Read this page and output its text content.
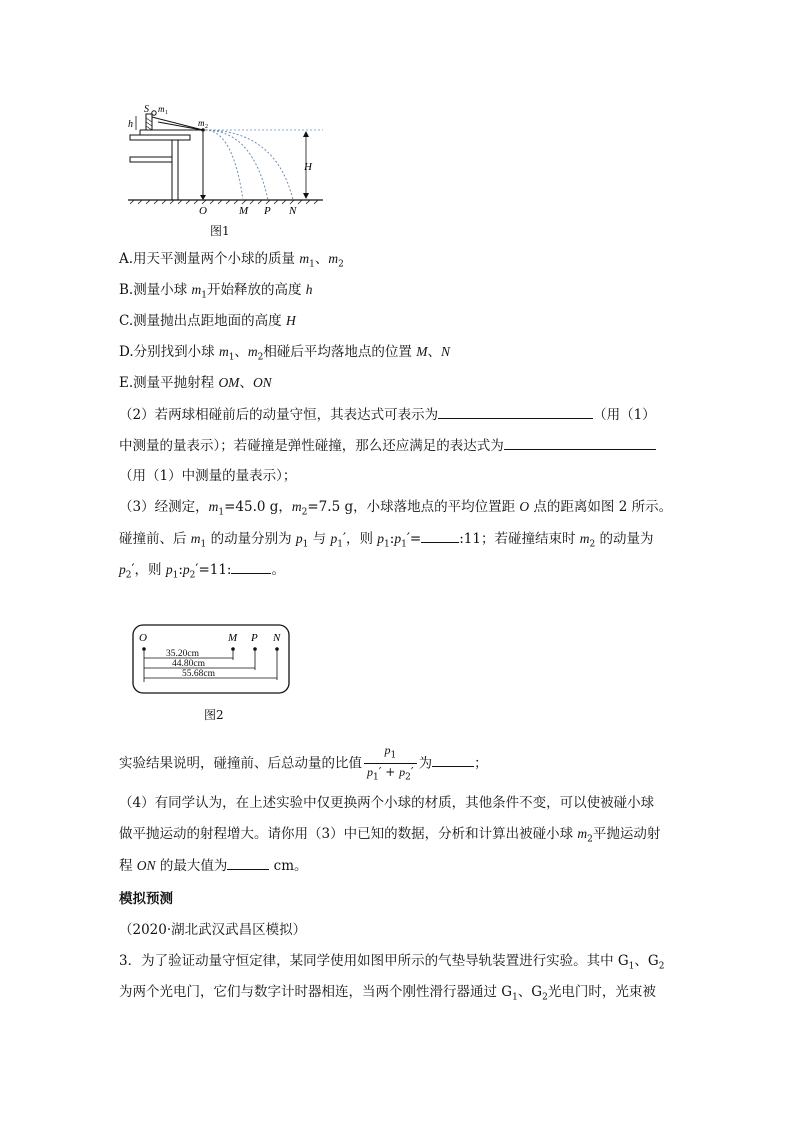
S m 1
h	m 2
H
O	M P N
图1
A.用天平测量两个小球的质量 $m_1$、$m_2$
B.测量小球 $m_1$开始释放的高度 h
C.测量抛出点距地面的高度 H
D.分别找到小球 $m_1$、$m_2$相碰后平均落地点的位置 M、N
E.测量平抛射程 OM、ON
（2）若两球相碰前后的动量守恒，其表达式可表示为	（用（1）
中测量的量表示）；若碰撞是弹性碰撞，那么还应满足的表达式为
（用（1）中测量的量表示）；
（3）经测定，$m_1=45.0$ g，$m_2=7.5$ g，小球落地点的平均位置距 O 点的距离如图 2 所示。
碰撞前、后 $m_1$ 的动量分别为 $p_1$ 与 $p_1'$，则 $p_1:p_1'=$	:11；若碰撞结束时 $m_2$ 的动量为
$p_2'$，则 $p_1:p_2'=11$:	。
O	M P N
35.20cm
44.80cm
55.68cm
图2
实验结果说明，碰撞前、后总动量的比值 $\frac{p_1}{p_1' + p_2'}$ 为	；
（4）有同学认为，在上述实验中仅更换两个小球的材质，其他条件不变，可以使被碰小球
做平抛运动的射程增大。请你用（3）中已知的数据，分析和计算出被碰小球 $m_2$平抛运动射
程 ON 的最大值为	cm。
模拟预测
（2020·湖北武汉武昌区模拟）
3．为了验证动量守恒定律，某同学使用如图甲所示的气垫导轨装置进行实验。其中 $G_1$、$G_2$
为两个光电门，它们与数字计时器相连，当两个刚性滑行器通过 $G_1$、$G_2$光电门时，光束被
